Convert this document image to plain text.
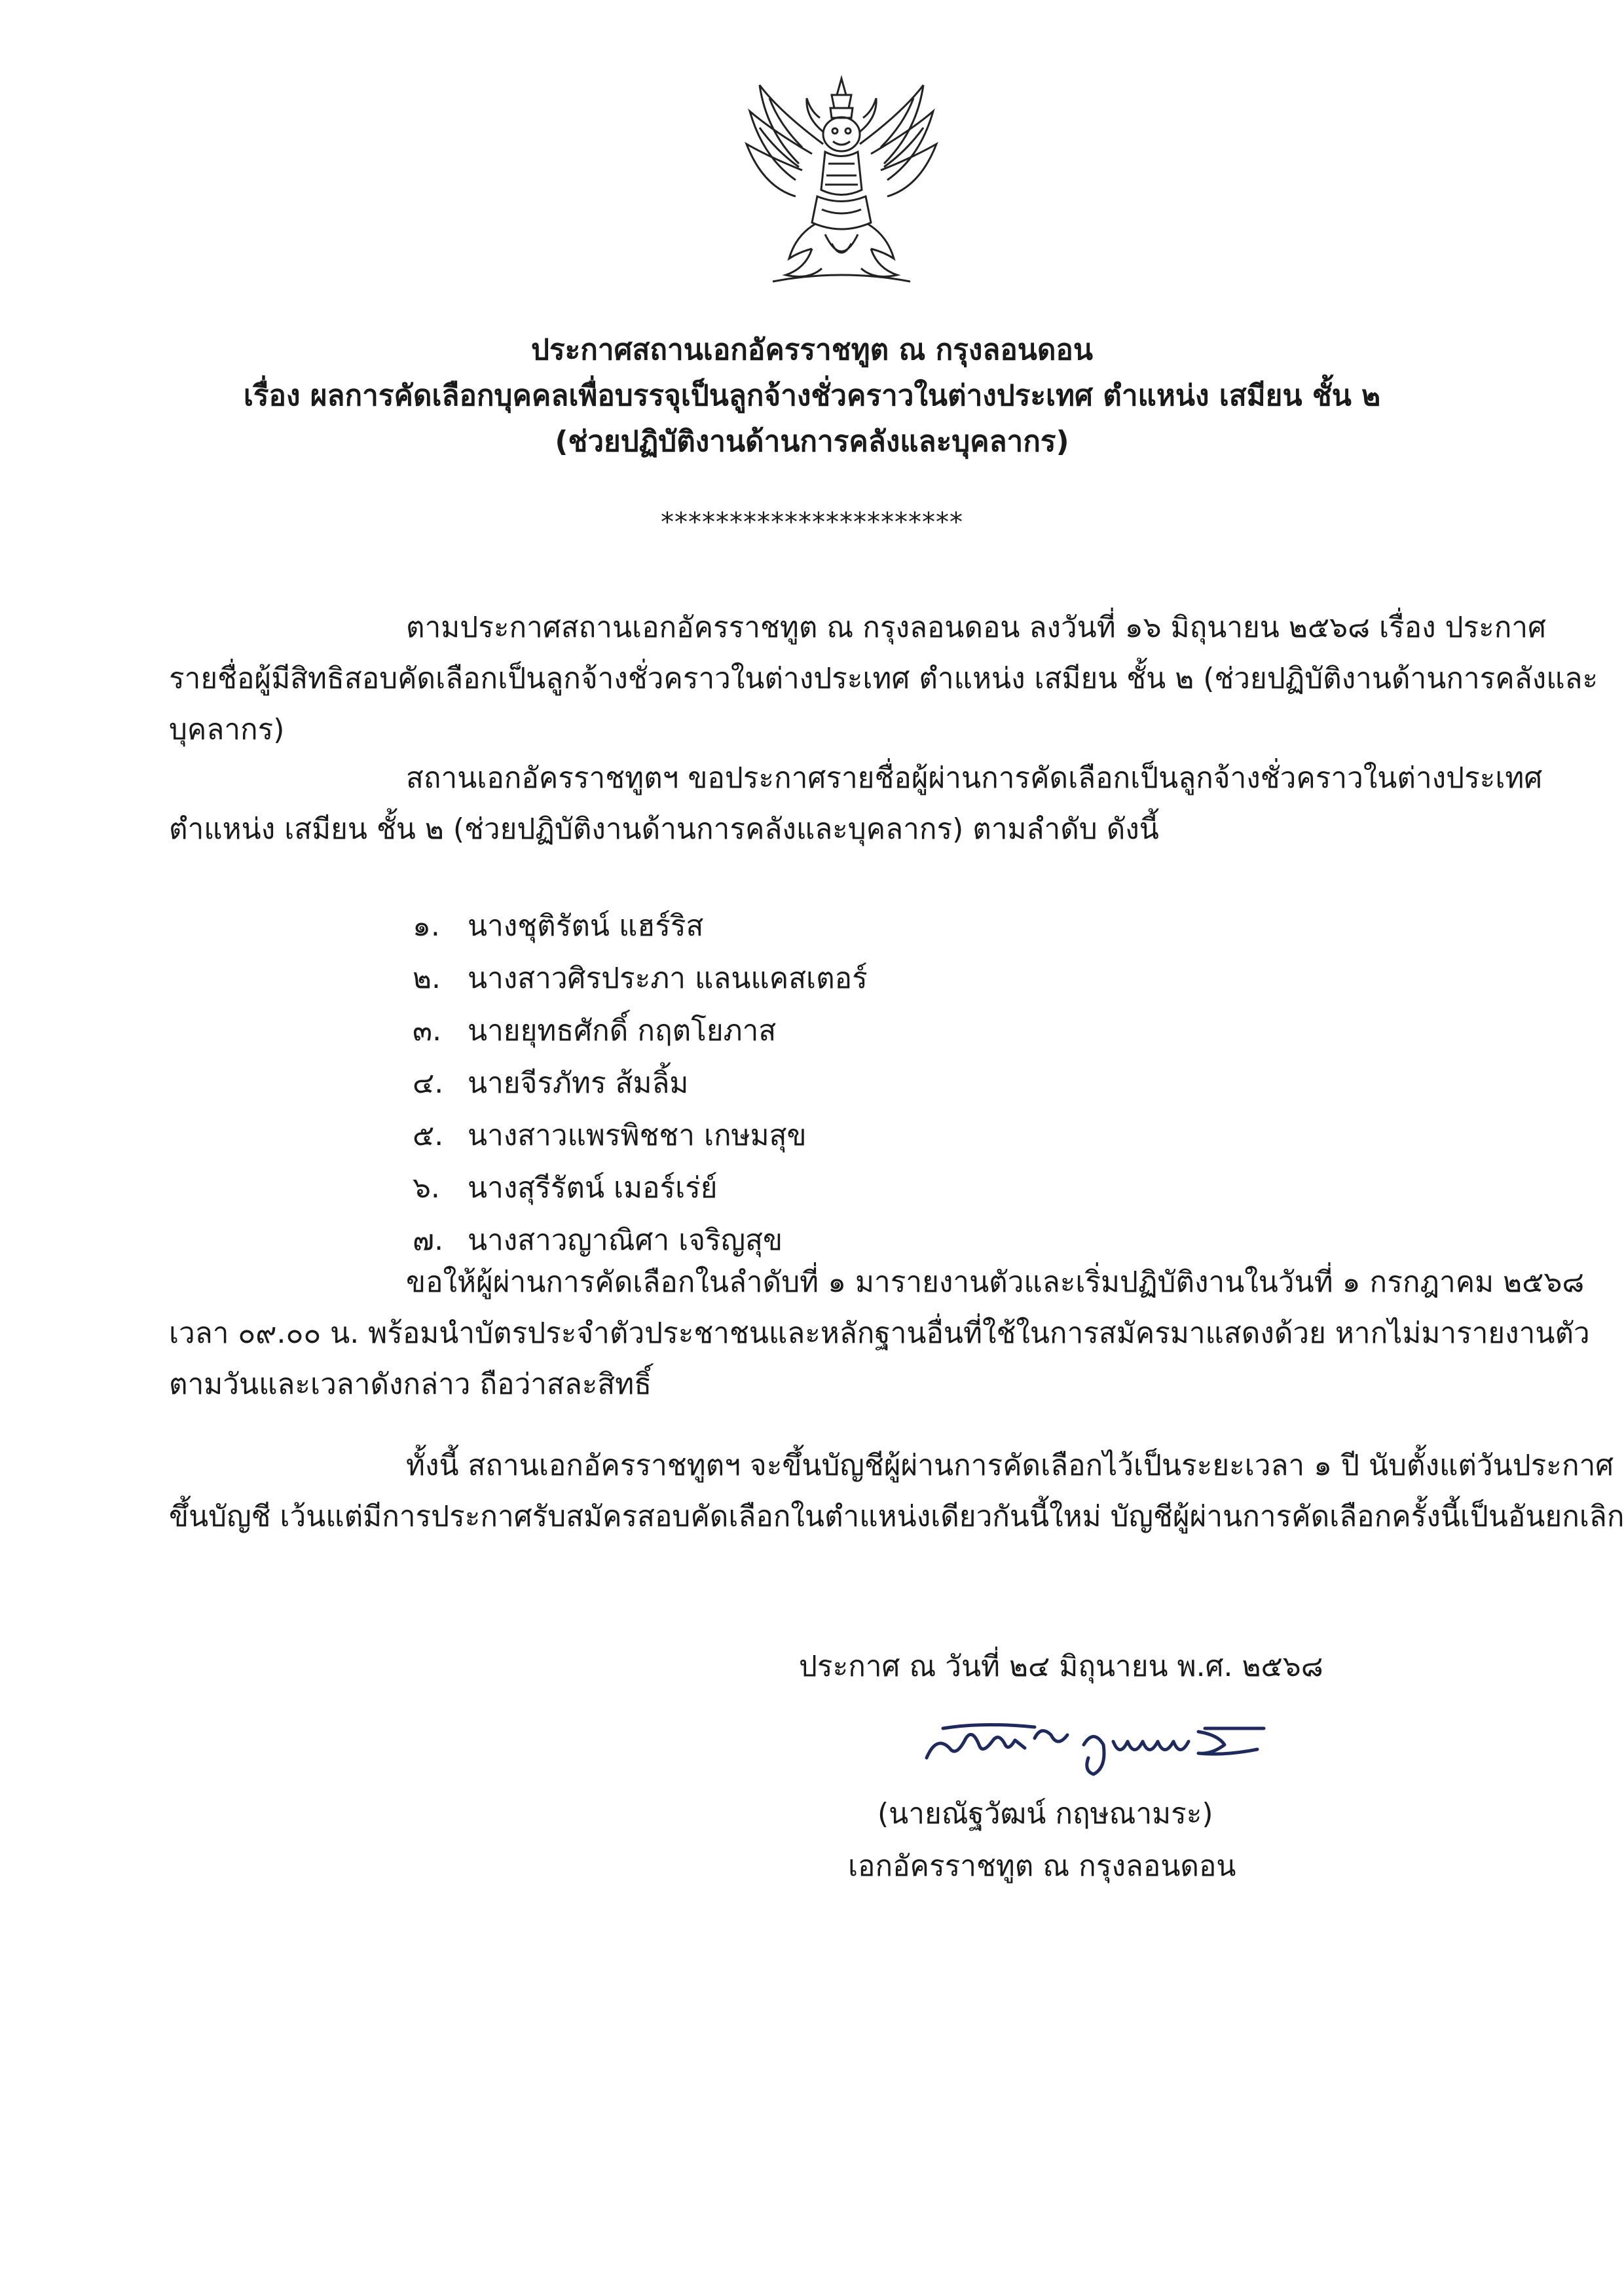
ประกาศสถานเอกอัครราชทูต ณ กรุงลอนดอน
เรื่อง ผลการคัดเลือกบุคคลเพื่อบรรจุเป็นลูกจ้างชั่วคราวในต่างประเทศ ตำแหน่ง เสมียน ชั้น ๒
(ช่วยปฏิบัติงานด้านการคลังและบุคลากร)
**********************
ตามประกาศสถานเอกอัครราชทูต ณ กรุงลอนดอน ลงวันที่ ๑๖ มิถุนายน ๒๕๖๘ เรื่อง ประกาศ
รายชื่อผู้มีสิทธิสอบคัดเลือกเป็นลูกจ้างชั่วคราวในต่างประเทศ ตำแหน่ง เสมียน ชั้น ๒ (ช่วยปฏิบัติงานด้านการคลังและ
บุคลากร)
สถานเอกอัครราชทูตฯ ขอประกาศรายชื่อผู้ผ่านการคัดเลือกเป็นลูกจ้างชั่วคราวในต่างประเทศ
ตำแหน่ง เสมียน ชั้น ๒ (ช่วยปฏิบัติงานด้านการคลังและบุคลากร) ตามลำดับ ดังนี้
๑. นางชุติรัตน์ แฮร์ริส
๒. นางสาวศิรประภา แลนแคสเตอร์
๓. นายยุทธศักดิ์ กฤตโยภาส
๔. นายจีรภัทร ส้มลิ้ม
๕. นางสาวแพรพิชชา เกษมสุข
๖. นางสุรีรัตน์ เมอร์เร่ย์
๗. นางสาวญาณิศา เจริญสุข
ขอให้ผู้ผ่านการคัดเลือกในลำดับที่ ๑ มารายงานตัวและเริ่มปฏิบัติงานในวันที่ ๑ กรกฎาคม ๒๕๖๘
เวลา ๐๙.๐๐ น. พร้อมนำบัตรประจำตัวประชาชนและหลักฐานอื่นที่ใช้ในการสมัครมาแสดงด้วย หากไม่มารายงานตัว
ตามวันและเวลาดังกล่าว ถือว่าสละสิทธิ์
ทั้งนี้ สถานเอกอัครราชทูตฯ จะขึ้นบัญชีผู้ผ่านการคัดเลือกไว้เป็นระยะเวลา ๑ ปี นับตั้งแต่วันประกาศ
ขึ้นบัญชี เว้นแต่มีการประกาศรับสมัครสอบคัดเลือกในตำแหน่งเดียวกันนี้ใหม่ บัญชีผู้ผ่านการคัดเลือกครั้งนี้เป็นอันยกเลิก
ประกาศ ณ วันที่ ๒๔ มิถุนายน พ.ศ. ๒๕๖๘
(นายณัฐวัฒน์ กฤษณามระ)
เอกอัครราชทูต ณ กรุงลอนดอน
